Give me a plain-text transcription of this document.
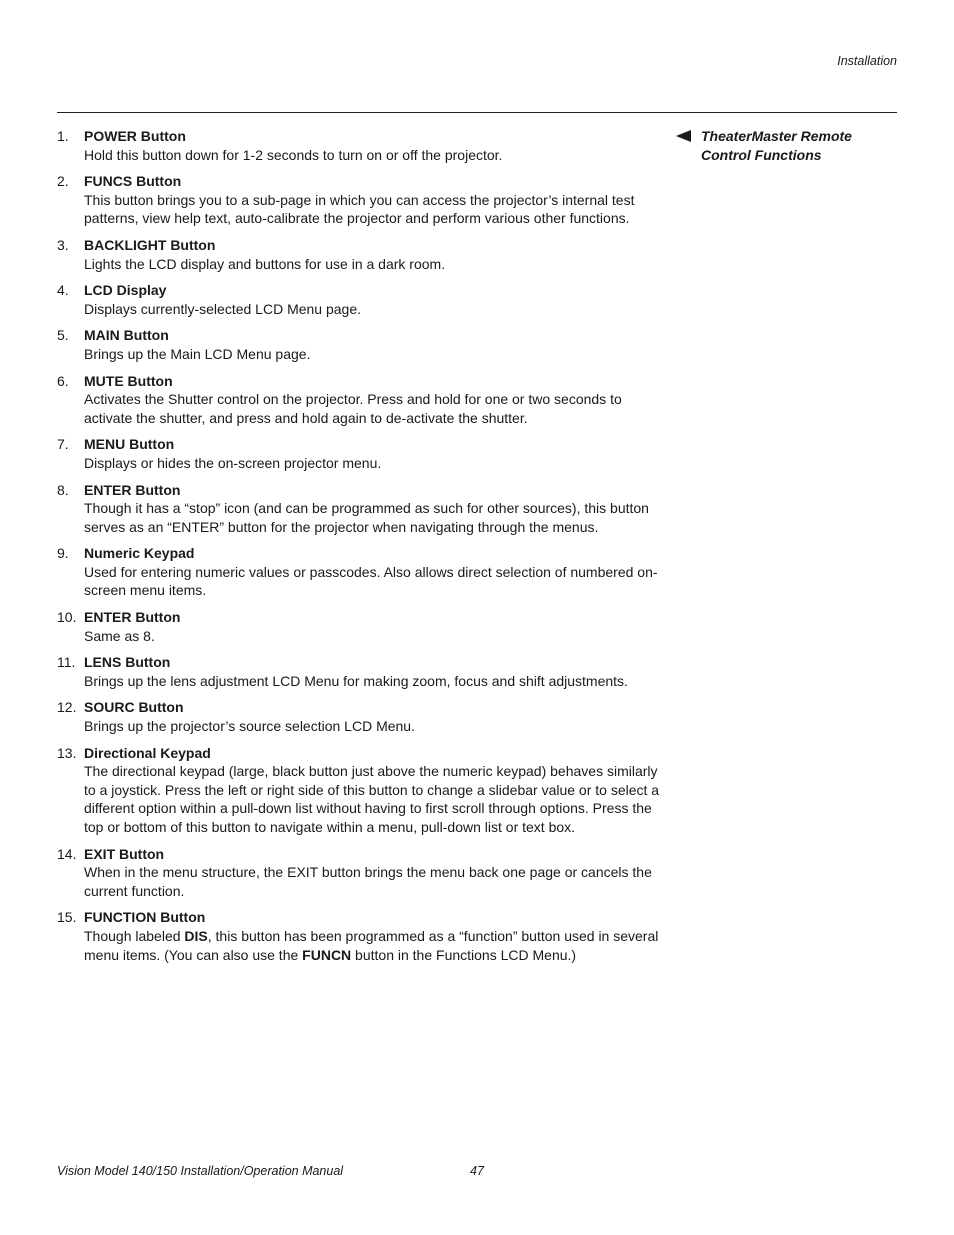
Installation
1. POWER Button
Hold this button down for 1-2 seconds to turn on or off the projector.
2. FUNCS Button
This button brings you to a sub-page in which you can access the projector’s internal test patterns, view help text, auto-calibrate the projector and perform various other functions.
3. BACKLIGHT Button
Lights the LCD display and buttons for use in a dark room.
4. LCD Display
Displays currently-selected LCD Menu page.
5. MAIN Button
Brings up the Main LCD Menu page.
6. MUTE Button
Activates the Shutter control on the projector. Press and hold for one or two seconds to activate the shutter, and press and hold again to de-activate the shutter.
7. MENU Button
Displays or hides the on-screen projector menu.
8. ENTER Button
Though it has a “stop” icon (and can be programmed as such for other sources), this button serves as an “ENTER” button for the projector when navigating through the menus.
9. Numeric Keypad
Used for entering numeric values or passcodes. Also allows direct selection of numbered on-screen menu items.
10. ENTER Button
Same as 8.
11. LENS Button
Brings up the lens adjustment LCD Menu for making zoom, focus and shift adjustments.
12. SOURC Button
Brings up the projector’s source selection LCD Menu.
13. Directional Keypad
The directional keypad (large, black button just above the numeric keypad) behaves similarly to a joystick. Press the left or right side of this button to change a slidebar value or to select a different option within a pull-down list without having to first scroll through options. Press the top or bottom of this button to navigate within a menu, pull-down list or text box.
14. EXIT Button
When in the menu structure, the EXIT button brings the menu back one page or cancels the current function.
15. FUNCTION Button
Though labeled DIS, this button has been programmed as a “function” button used in several menu items. (You can also use the FUNCN button in the Functions LCD Menu.)
TheaterMaster Remote
Control Functions
Vision Model 140/150 Installation/Operation Manual	47
